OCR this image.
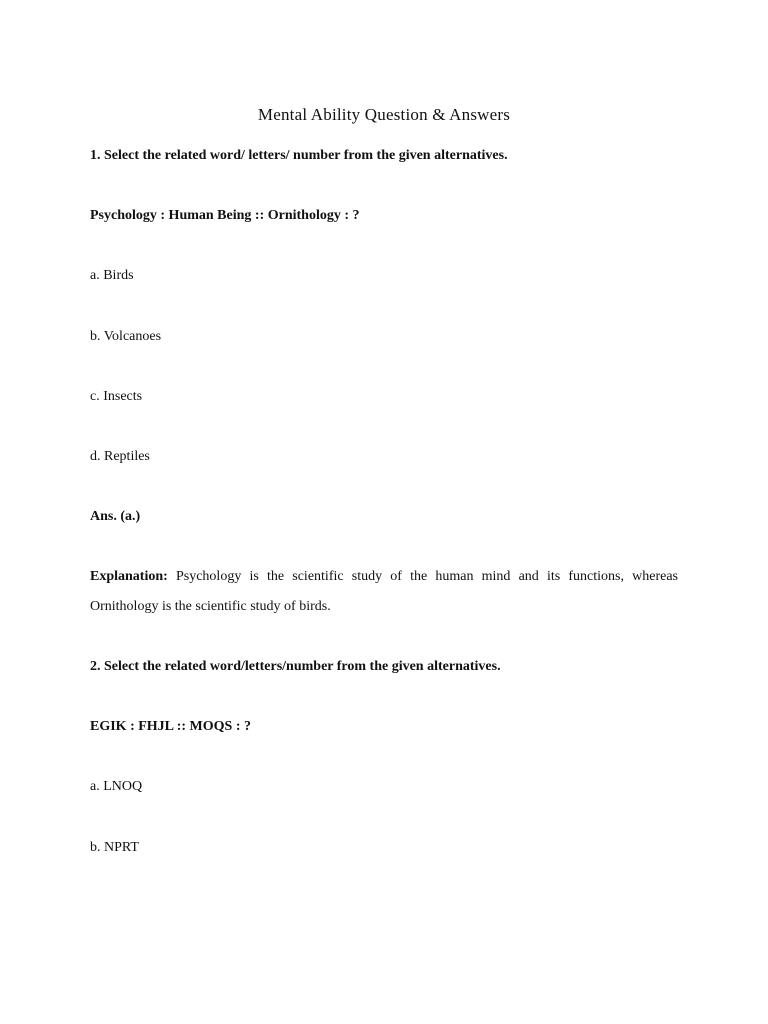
Mental Ability Question & Answers
1. Select the related word/ letters/ number from the given alternatives.
Psychology : Human Being :: Ornithology : ?
a. Birds
b. Volcanoes
c. Insects
d. Reptiles
Ans. (a.)
Explanation: Psychology is the scientific study of the human mind and its functions, whereas
Ornithology is the scientific study of birds.
2. Select the related word/letters/number from the given alternatives.
EGIK : FHJL :: MOQS : ?
a. LNOQ
b. NPRT
